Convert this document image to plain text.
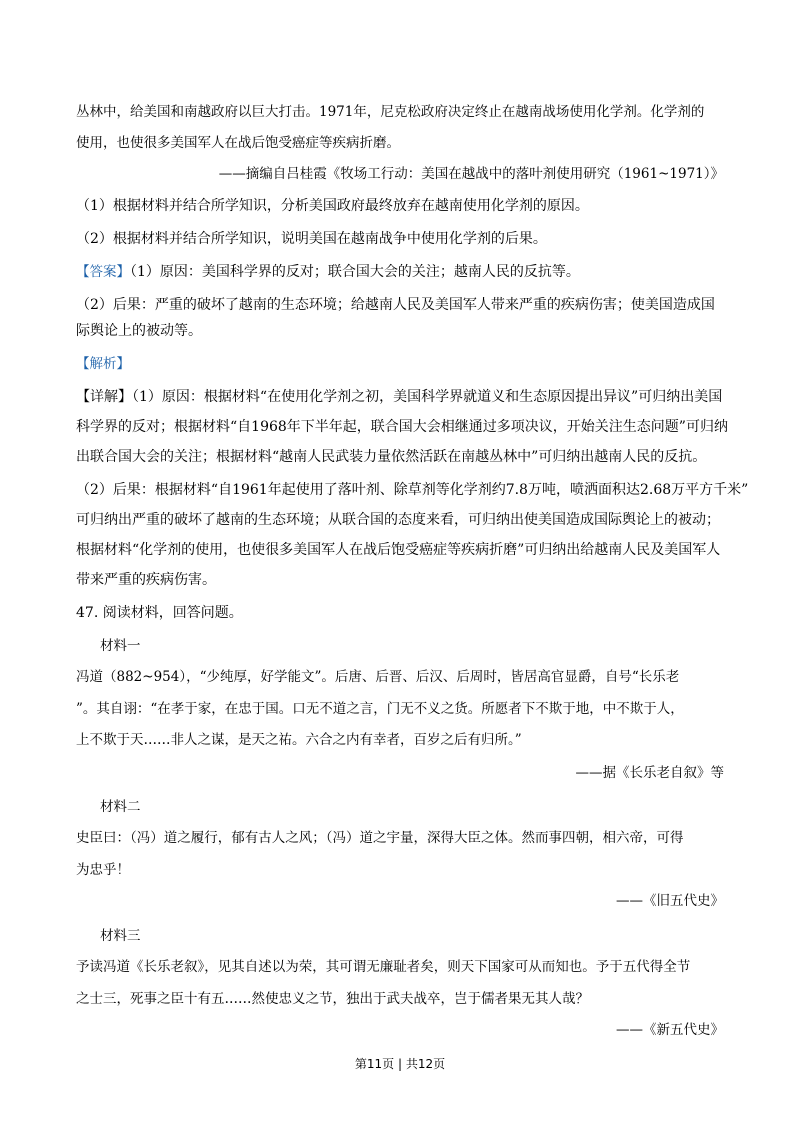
丛林中，给美国和南越政府以巨大打击。1971年，尼克松政府决定终止在越南战场使用化学剂。化学剂的
使用，也使很多美国军人在战后饱受癌症等疾病折磨。
——摘编自吕桂霞《牧场工行动：美国在越战中的落叶剂使用研究（1961~1971）》
（1）根据材料并结合所学知识，分析美国政府最终放弃在越南使用化学剂的原因。
（2）根据材料并结合所学知识，说明美国在越南战争中使用化学剂的后果。
【答案】（1）原因：美国科学界的反对；联合国大会的关注；越南人民的反抗等。
（2）后果：严重的破坏了越南的生态环境；给越南人民及美国军人带来严重的疾病伤害；使美国造成国
际舆论上的被动等。
【解析】
【详解】（1）原因：根据材料“在使用化学剂之初，美国科学界就道义和生态原因提出异议”可归纳出美国
科学界的反对；根据材料“自1968年下半年起，联合国大会相继通过多项决议，开始关注生态问题”可归纳
出联合国大会的关注；根据材料“越南人民武装力量依然活跃在南越丛林中”可归纳出越南人民的反抗。
（2）后果：根据材料“自1961年起使用了落叶剂、除草剂等化学剂约7.8万吨，喷洒面积达2.68万平方千米”
可归纳出严重的破坏了越南的生态环境；从联合国的态度来看，可归纳出使美国造成国际舆论上的被动；
根据材料“化学剂的使用，也使很多美国军人在战后饱受癌症等疾病折磨”可归纳出给越南人民及美国军人
带来严重的疾病伤害。
47. 阅读材料，回答问题。
材料一
冯道（882~954），“少纯厚，好学能文”。后唐、后晋、后汉、后周时，皆居高官显爵，自号“长乐老
”。其自诩：“在孝于家，在忠于国。口无不道之言，门无不义之货。所愿者下不欺于地，中不欺于人，
上不欺于天……非人之谋，是天之祐。六合之内有幸者，百岁之后有归所。”
——据《长乐老自叙》等
材料二
史臣曰：（冯）道之履行，郁有古人之风；（冯）道之宇量，深得大臣之体。然而事四朝，相六帝，可得
为忠乎！
——《旧五代史》
材料三
予读冯道《长乐老叙》，见其自述以为荣，其可谓无廉耻者矣，则天下国家可从而知也。予于五代得全节
之士三，死事之臣十有五……然使忠义之节，独出于武夫战卒，岂于儒者果无其人哉？
——《新五代史》
第11页 | 共12页
